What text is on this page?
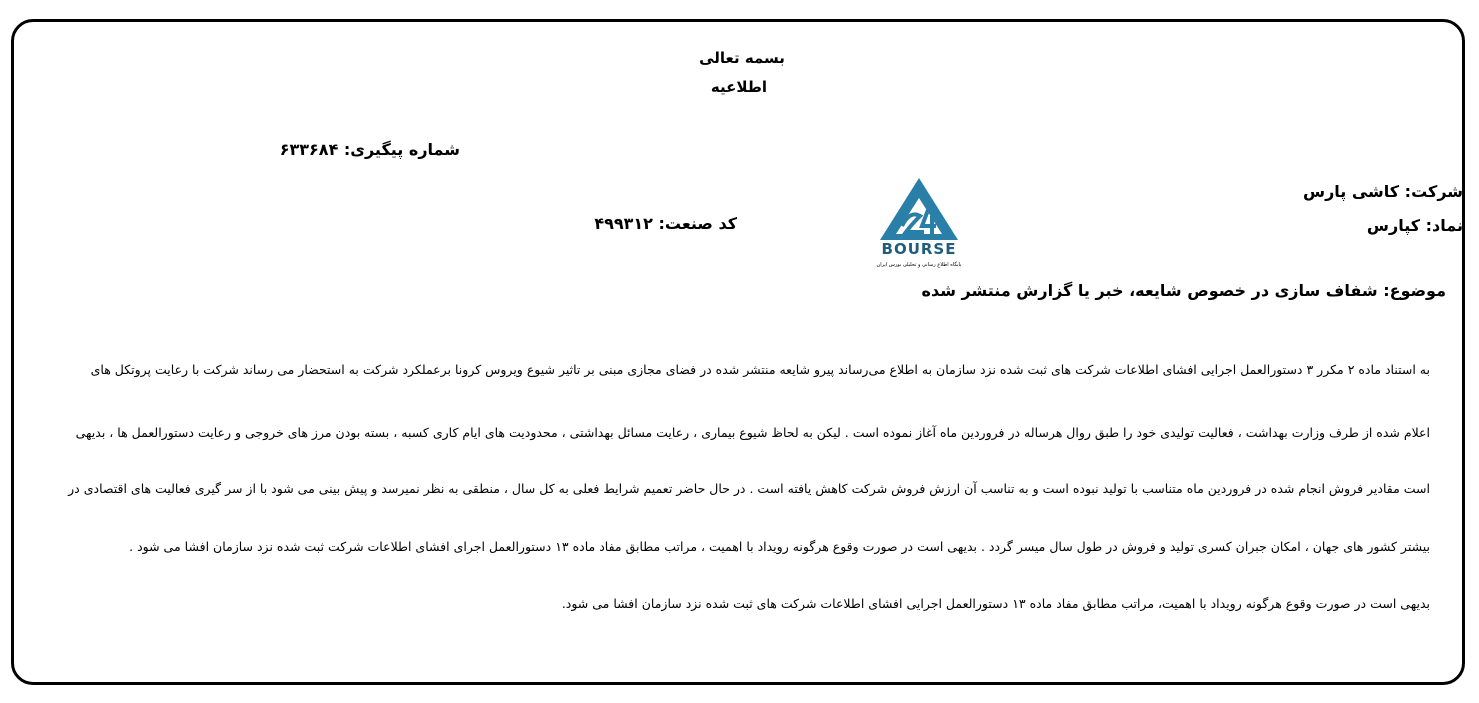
بسمه تعالی
اطلاعیه
شماره پیگیری: ۶۳۳۶۸۴
شرکت: کاشی پارس
نماد: کپارس
کد صنعت: ۴۹۹۳۱۲
موضوع: شفاف سازی در خصوص شایعه، خبر یا گزارش منتشر شده
BOURSE
پایگاه اطلاع رسانی و تحلیلی بورس ایران
به استناد ماده ۲ مکرر ۳ دستورالعمل اجرایی افشای اطلاعات شرکت های ثبت شده نزد سازمان به اطلاع می‌رساند پیرو شایعه منتشر شده در فضای مجازی مبنی بر تاثیر شیوع ویروس کرونا برعملکرد شرکت به استحضار می رساند شرکت با رعایت پروتکل های
اعلام شده از طرف وزارت بهداشت ، فعالیت تولیدی خود را طبق روال هرساله در فروردین ماه آغاز نموده است . لیکن به لحاظ شیوع بیماری ، رعایت مسائل بهداشتی ، محدودیت های ایام کاری کسبه ، بسته بودن مرز های خروجی و رعایت دستورالعمل ها ، بدیهی
است مقادیر فروش انجام شده در فروردین ماه متناسب با تولید نبوده است و به تناسب آن ارزش فروش شرکت کاهش یافته است . در حال حاضر تعمیم شرایط فعلی به کل سال ، منطقی به نظر نمیرسد و پیش بینی می شود با از سر گیری فعالیت های اقتصادی در
بیشتر کشور های جهان ، امکان جبران کسری تولید و فروش در طول سال میسر گردد . بدیهی است در صورت وقوع هرگونه رویداد با اهمیت ، مراتب مطابق مفاد ماده ۱۳ دستورالعمل اجرای افشای اطلاعات شرکت ثبت شده نزد سازمان افشا می شود .
بدیهی است در صورت وقوع هرگونه رویداد با اهمیت، مراتب مطابق مفاد ماده ۱۳ دستورالعمل اجرایی افشای اطلاعات شرکت های ثبت شده نزد سازمان افشا می شود.
